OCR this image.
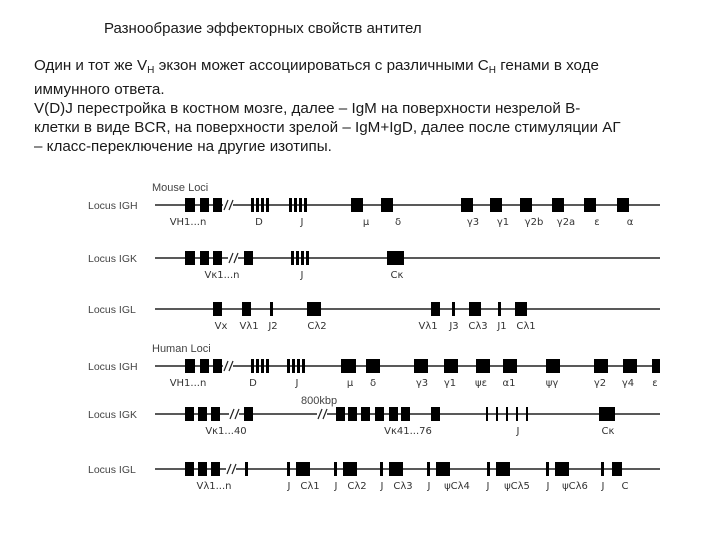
Разнообразие эффекторных свойств антител
Один и тот же $V_H$ экзон может ассоциироваться с различными $C_H$ генами в ходе
иммунного ответа.
V(D)J перестройка в костном мозге, далее – IgM на поверхности незрелой B-
клетки в виде BCR, на поверхности зрелой – IgM+IgD, далее после стимуляции АГ
– класс-переключение на другие изотипы.
Mouse Loci
Human Loci
800kbp
Locus IGH
VH1...n	D	J	μ	δ	γ3 γ1 γ2b γ2a ε	α
Locus IGK
Vκ1...n	J	Cκ
Locus IGL
Vx Vλ1 J2	Cλ2	Vλ1 J3 Cλ3 J1 Cλ1
Locus IGH
VH1...n	D	J	μ δ	γ3 γ1 ψε α1	ψγ	γ2 γ4 ε
Locus IGK
Vκ1...40	Vκ41...76	J	Cκ
Locus IGL
Vλ1...n	J Cλ1 J Cλ2 J Cλ3 J ψCλ4 J ψCλ5 J ψCλ6 J C
